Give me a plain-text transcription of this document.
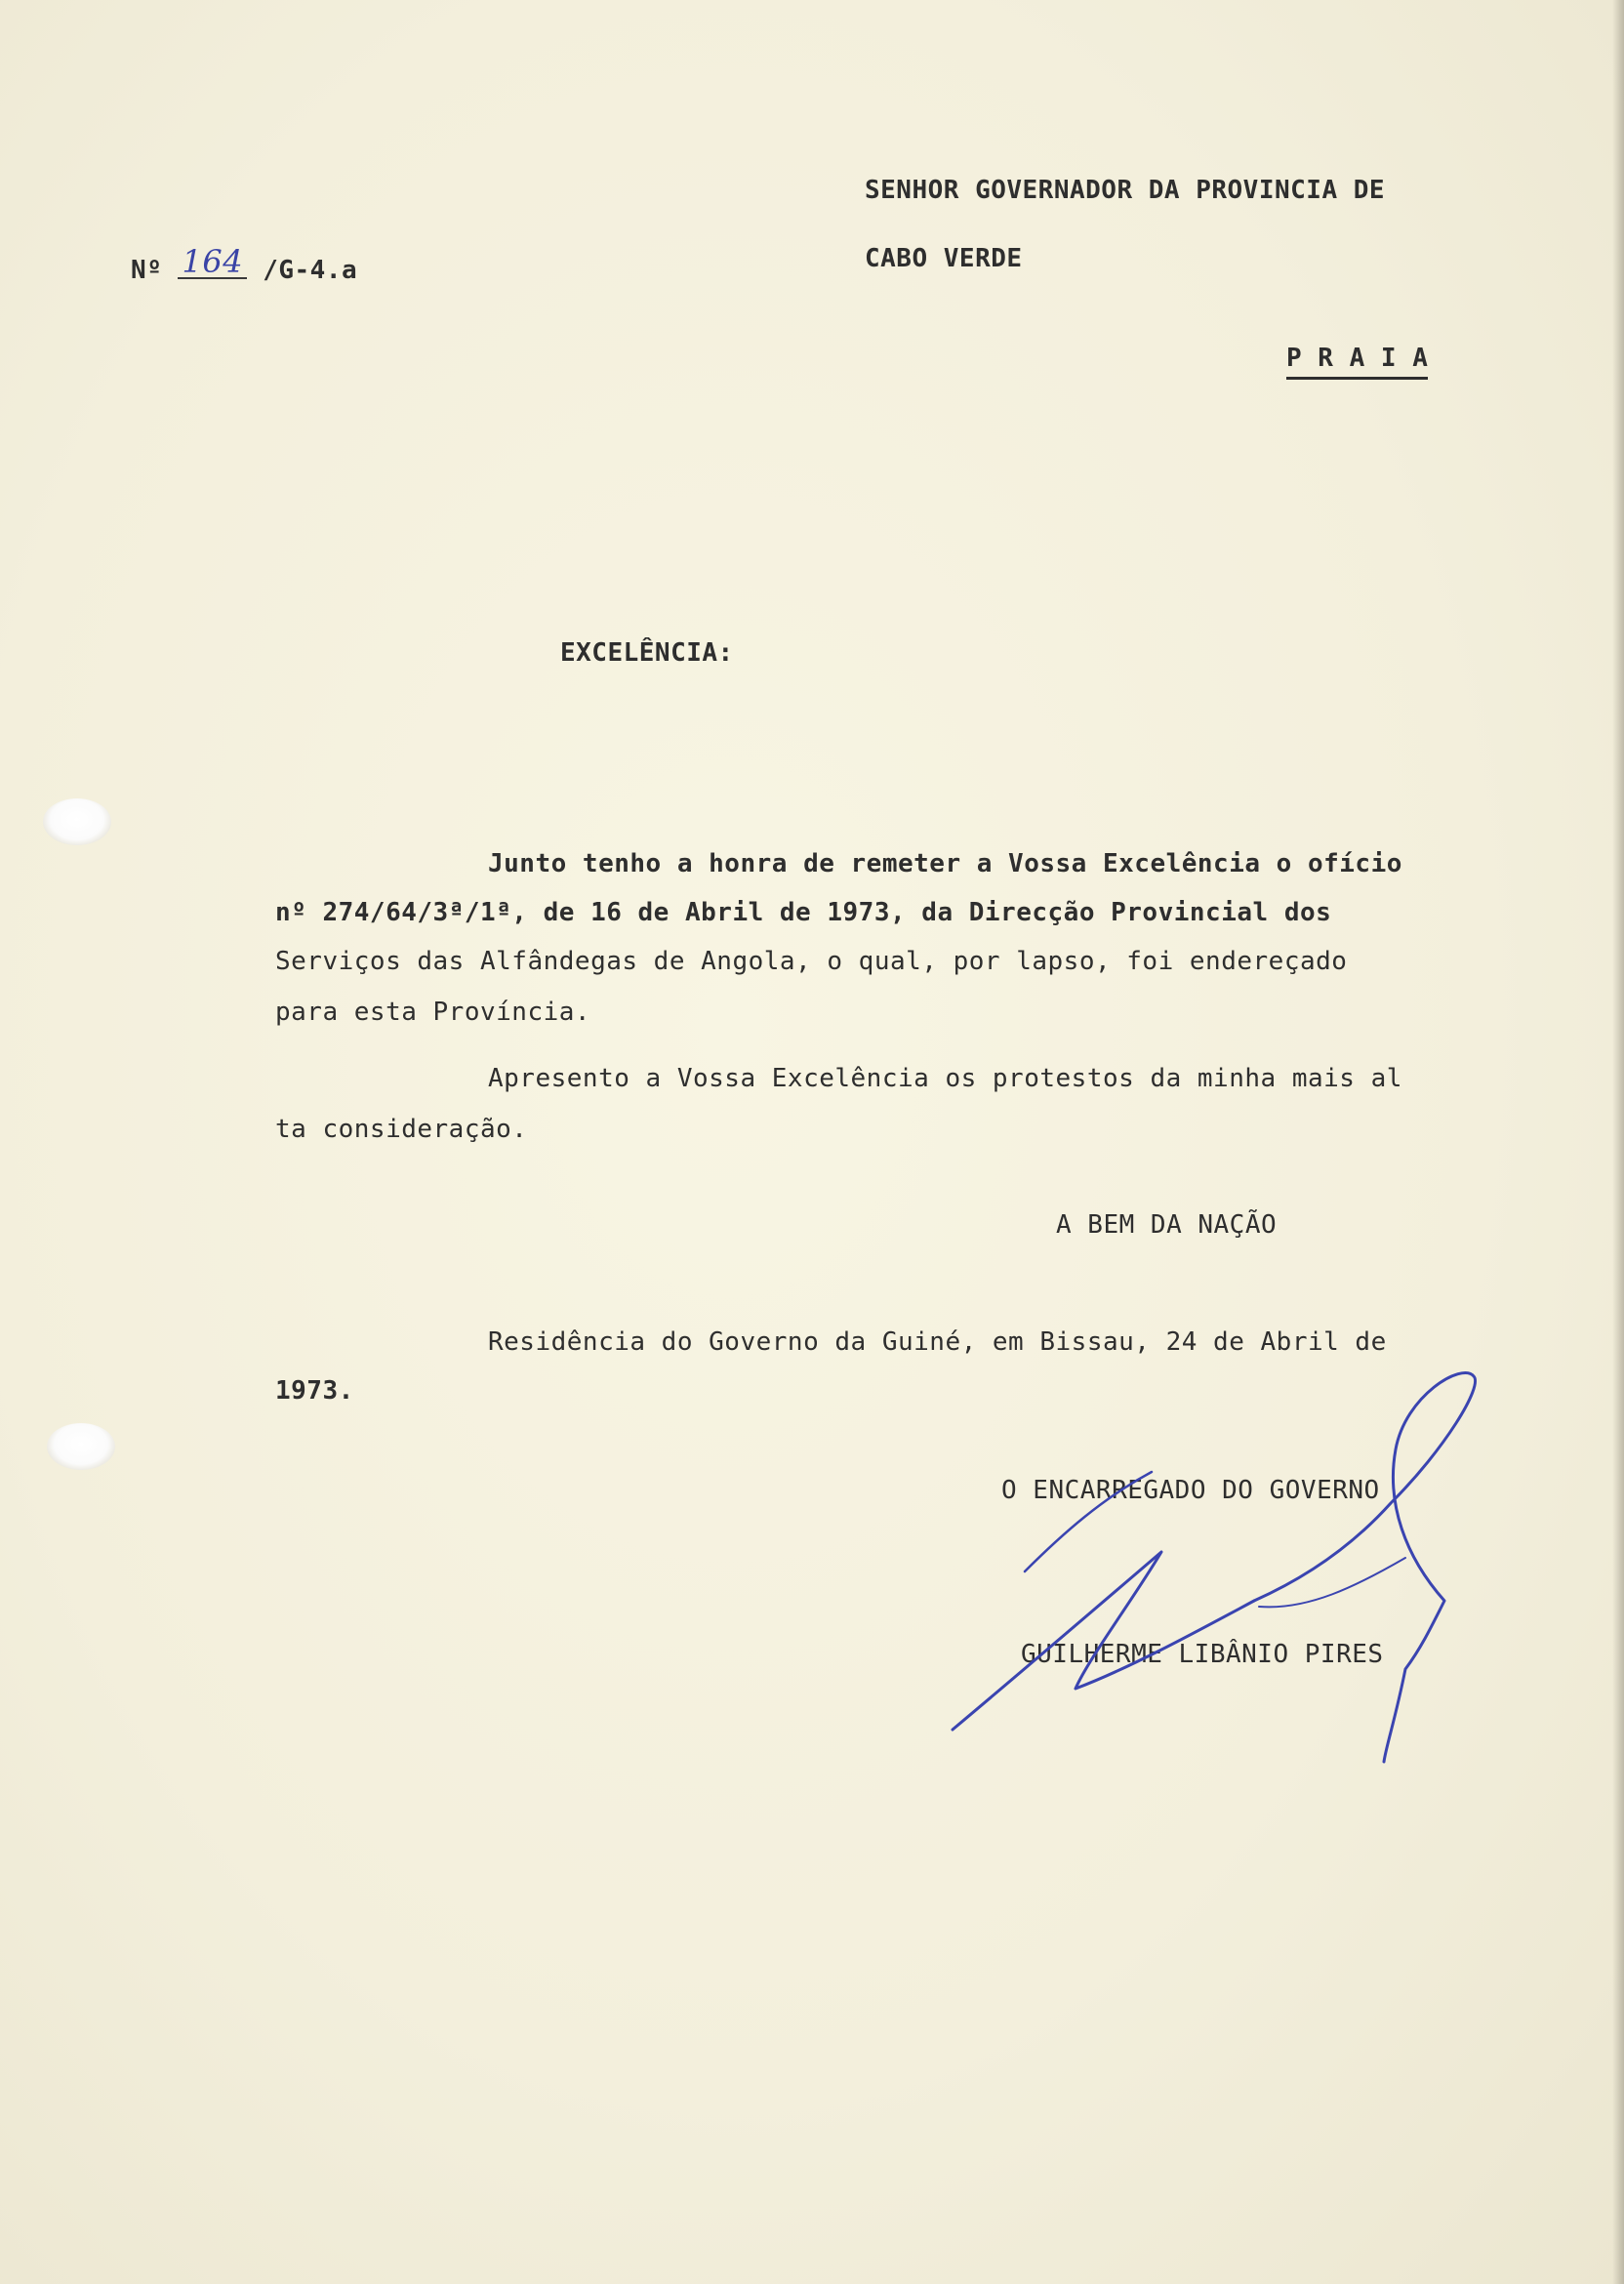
SENHOR GOVERNADOR DA PROVINCIA DE
CABO VERDE
Nº 164 /G-4.a
P R A I A
EXCELÊNCIA:
Junto tenho a honra de remeter a Vossa Excelência o ofício
nº 274/64/3ª/1ª, de 16 de Abril de 1973, da Direcção Provincial dos
Serviços das Alfândegas de Angola, o qual, por lapso, foi endereçado
para esta Província.
Apresento a Vossa Excelência os protestos da minha mais al
ta consideração.
A BEM DA NAÇÃO
Residência do Governo da Guiné, em Bissau, 24 de Abril de
1973.
O ENCARREGADO DO GOVERNO
GUILHERME LIBÂNIO PIRES
